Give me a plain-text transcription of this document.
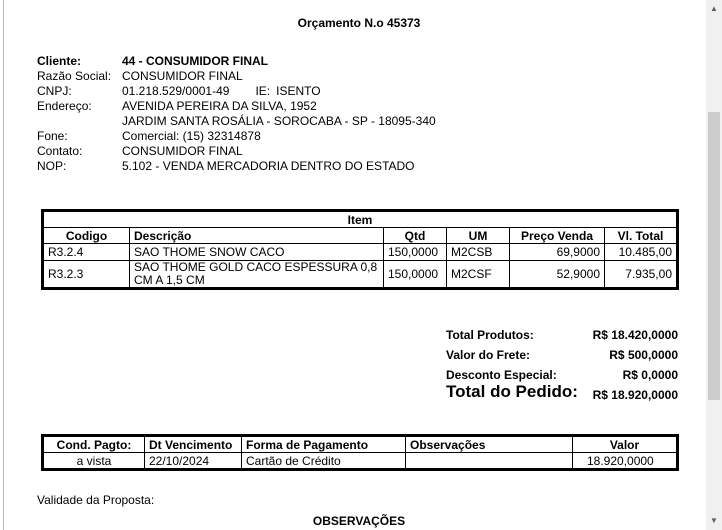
Orçamento N.o 45373
Cliente:	44 - CONSUMIDOR FINAL
Razão Social: CONSUMIDOR FINAL
CNPJ:	01.218.529/0001-49 IE: ISENTO
Endereço:	AVENIDA PEREIRA DA SILVA, 1952
JARDIM SANTA ROSÁLIA - SOROCABA - SP - 18095-340
Fone:	Comercial: (15) 32314878
Contato:	CONSUMIDOR FINAL
NOP:	5.102 - VENDA MERCADORIA DENTRO DO ESTADO
Item					
Codigo	Descrição	Qtd	UM	Preço Venda	Vl. Total
R3.2.4	SAO THOME SNOW CACO	150,0000	M2CSB	69,9000	10.485,00
R3.2.3	SAO THOME GOLD CACO ESPESSURA 0,8 CM A 1,5 CM	150,0000	M2CSF	52,9000	7.935,00
Total Produtos:	R$ 18.420,0000
Valor do Frete:	R$ 500,0000
Desconto Especial:	R$ 0,0000
Total do Pedido: R$ 18.920,0000
Cond. Pagto:	Dt Vencimento	Forma de Pagamento	Observações	Valor
a vista	22/10/2024	Cartão de Crédito		18.920,0000
Validade da Proposta:
OBSERVAÇÕES
▲
▼
